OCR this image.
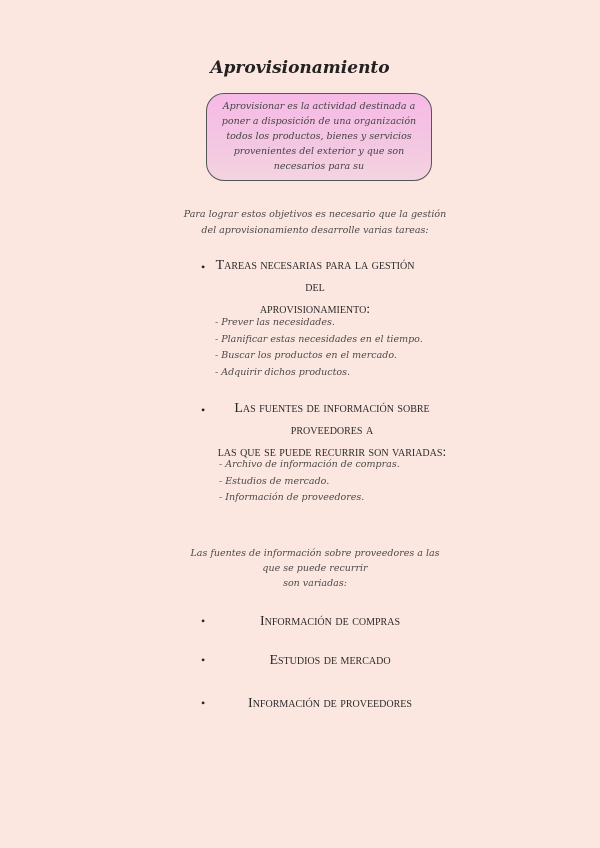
Aprovisionamiento
Aprovisionar es la actividad destinada a
poner a disposición de una organización
todos los productos, bienes y servicios
provenientes del exterior y que son
necesarios para su
Para lograr estos objetivos es necesario que la gestión
del aprovisionamiento desarrolle varias tareas:
• Tareas necesarias para la gestión del
aprovisionamiento:
- Prever las necesidades.
- Planificar estas necesidades en el tiempo.
- Buscar los productos en el mercado.
- Adquirir dichos productos.
•	Las fuentes de información sobre proveedores a
las que se puede recurrir son variadas:
- Archivo de información de compras.
- Estudios de mercado.
- Información de proveedores.
Las fuentes de información sobre proveedores a las
que se puede recurrir
son variadas:
•	Información de compras
•	Estudios de mercado
•	Información de proveedores
